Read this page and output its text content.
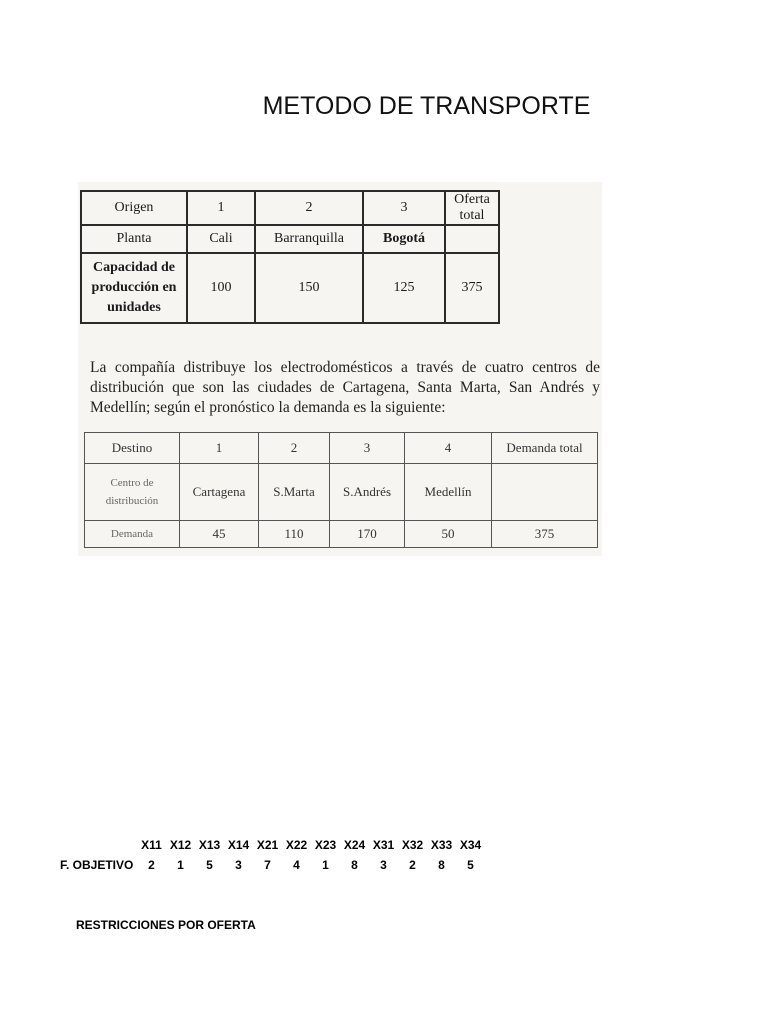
METODO DE TRANSPORTE
Origen	1	2	3	Oferta total
Planta	Cali	Barranquilla	Bogotá	
Capacidad de producción en unidades	100	150	125	375
La compañía distribuye los electrodomésticos a través de cuatro centros de distribución que son las ciudades de Cartagena, Santa Marta, San Andrés y Medellín; según el pronóstico la demanda es la siguiente:
Destino	1	2	3	4	Demanda total
Centro de distribución	Cartagena	S.Marta	S.Andrés	Medellín	
Demanda	45	110	170	50	375
X11 X12 X13 X14 X21 X22 X23 X24 X31 X32 X33 X34
F. OBJETIVO	2	1	5	3	7	4	1	8	3	2	8	5
RESTRICCIONES POR OFERTA
